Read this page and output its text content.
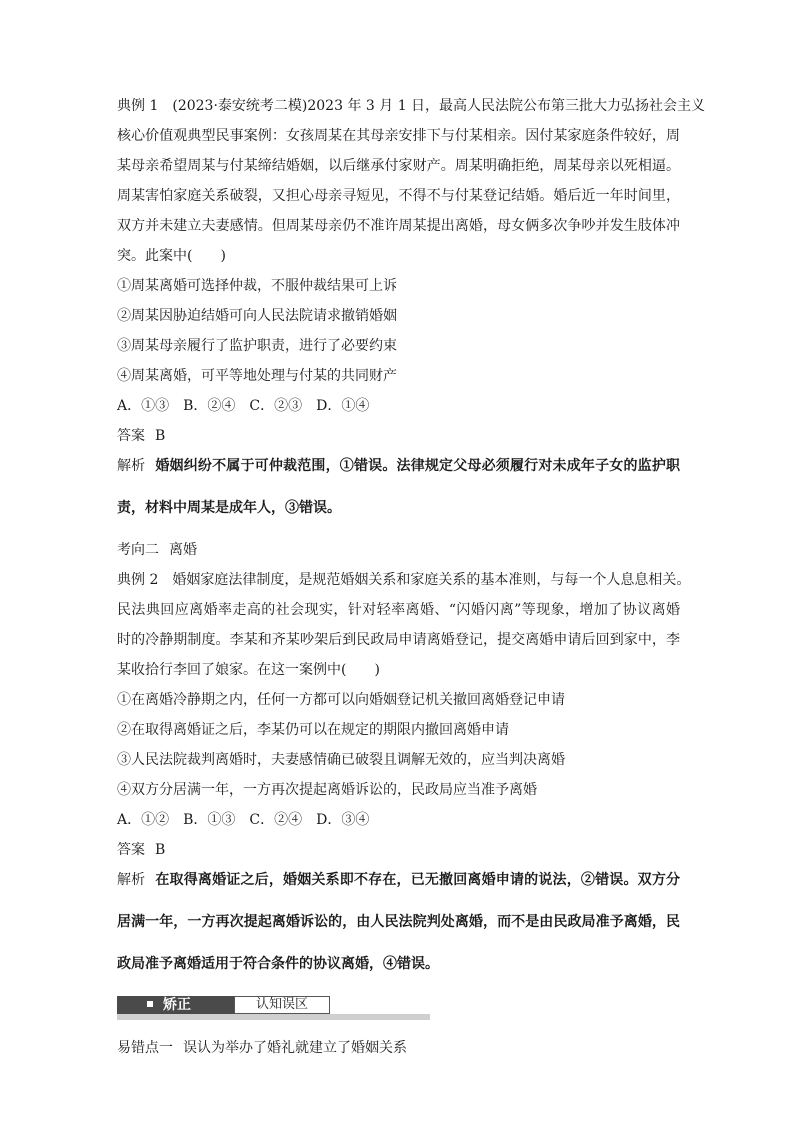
典例 1　(2023·泰安统考二模)2023 年 3 月 1 日，最高人民法院公布第三批大力弘扬社会主义
核心价值观典型民事案例：女孩周某在其母亲安排下与付某相亲。因付某家庭条件较好，周
某母亲希望周某与付某缔结婚姻，以后继承付家财产。周某明确拒绝，周某母亲以死相逼。
周某害怕家庭关系破裂，又担心母亲寻短见，不得不与付某登记结婚。婚后近一年时间里，
双方并未建立夫妻感情。但周某母亲仍不准许周某提出离婚，母女俩多次争吵并发生肢体冲
突。此案中(　　)
①周某离婚可选择仲裁，不服仲裁结果可上诉
②周某因胁迫结婚可向人民法院请求撤销婚姻
③周某母亲履行了监护职责，进行了必要约束
④周某离婚，可平等地处理与付某的共同财产
A．①③　B．②④　C．②③　D．①④
答案 B
解析 婚姻纠纷不属于可仲裁范围，①错误。法律规定父母必须履行对未成年子女的监护职
责，材料中周某是成年人，③错误。
考向二 离婚
典例 2　婚姻家庭法律制度，是规范婚姻关系和家庭关系的基本准则，与每一个人息息相关。
民法典回应离婚率走高的社会现实，针对轻率离婚、“闪婚闪离”等现象，增加了协议离婚
时的冷静期制度。李某和齐某吵架后到民政局申请离婚登记，提交离婚申请后回到家中，李
某收拾行李回了娘家。在这一案例中(　　)
①在离婚冷静期之内，任何一方都可以向婚姻登记机关撤回离婚登记申请
②在取得离婚证之后，李某仍可以在规定的期限内撤回离婚申请
③人民法院裁判离婚时，夫妻感情确已破裂且调解无效的，应当判决离婚
④双方分居满一年，一方再次提起离婚诉讼的，民政局应当准予离婚
A．①②　B．①③　C．②④　D．③④
答案 B
解析 在取得离婚证之后，婚姻关系即不存在，已无撤回离婚申请的说法，②错误。双方分
居满一年，一方再次提起离婚诉讼的，由人民法院判处离婚，而不是由民政局准予离婚，民
政局准予离婚适用于符合条件的协议离婚，④错误。
矫正	认知误区
易错点一 误认为举办了婚礼就建立了婚姻关系
